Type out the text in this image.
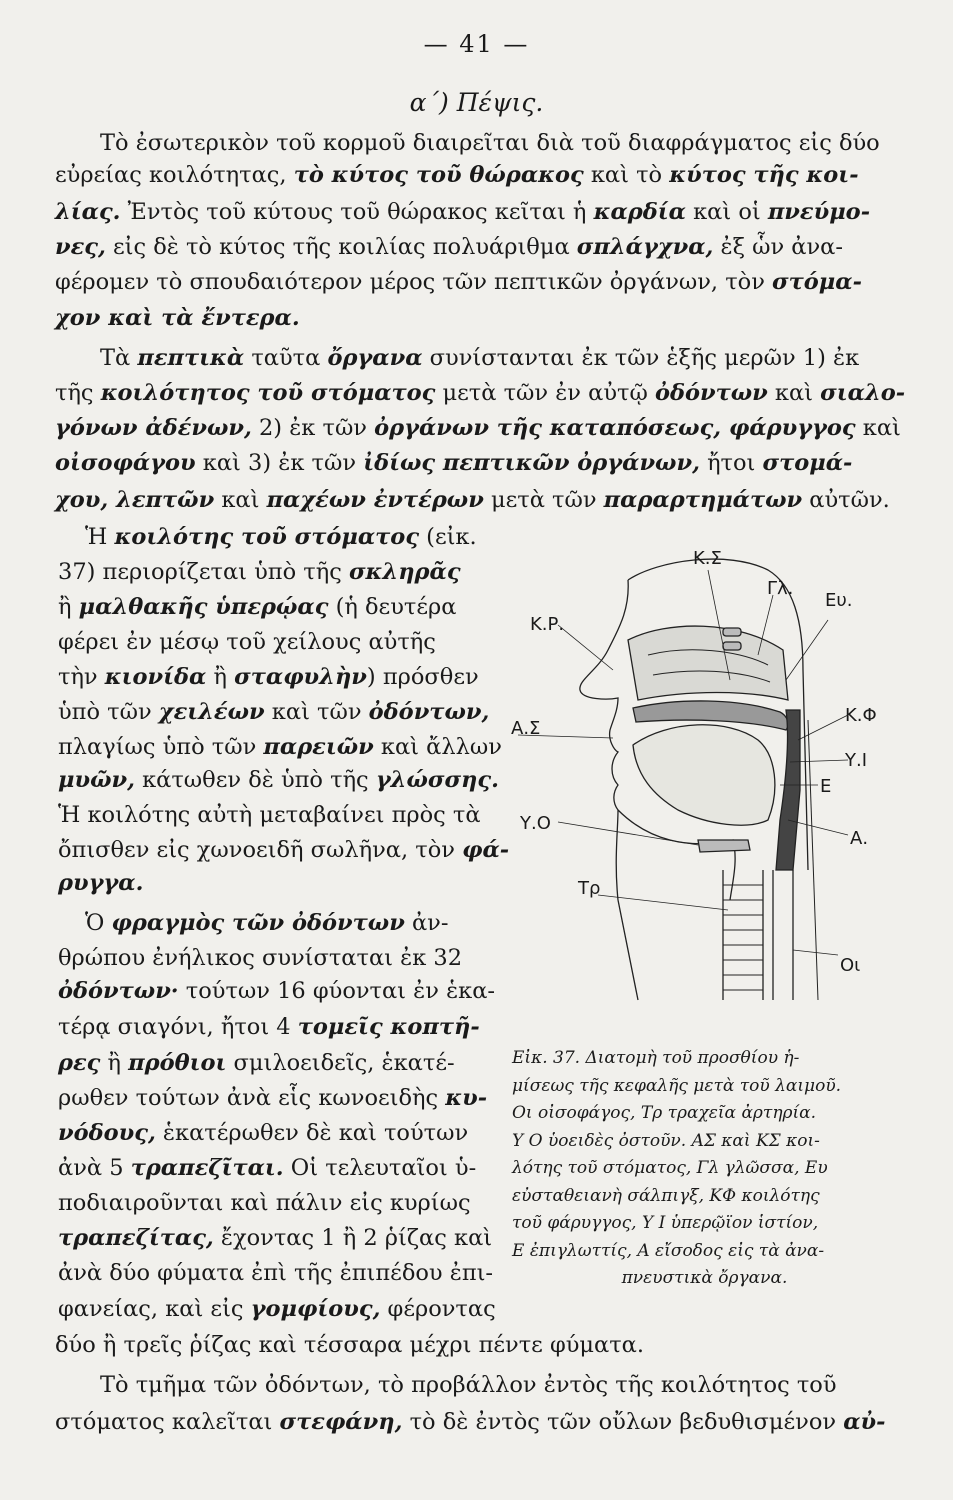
— 41 —
α΄) Πέψις.
Τὸ ἐσωτερικὸν τοῦ κορμοῦ διαιρεῖται διὰ τοῦ διαφράγματος εἰς δύο
εὐρείας κοιλότητας, τὸ κύτος τοῦ θώρακος καὶ τὸ κύτος τῆς κοι-
λίας. Ἐντὸς τοῦ κύτους τοῦ θώρακος κεῖται ἡ καρδία καὶ οἱ πνεύμο-
νες, εἰς δὲ τὸ κύτος τῆς κοιλίας πολυάριθμα σπλάγχνα, ἐξ ὧν ἀνα-
φέρομεν τὸ σπουδαιότερον μέρος τῶν πεπτικῶν ὀργάνων, τὸν στόμα-
χον καὶ τὰ ἔντερα.
Τὰ πεπτικὰ ταῦτα ὄργανα συνίστανται ἐκ τῶν ἑξῆς μερῶν 1) ἐκ
τῆς κοιλότητος τοῦ στόματος μετὰ τῶν ἐν αὐτῷ ὀδόντων καὶ σιαλο-
γόνων ἀδένων, 2) ἐκ τῶν ὀργάνων τῆς καταπόσεως, φάρυγγος καὶ
οἰσοφάγου καὶ 3) ἐκ τῶν ἰδίως πεπτικῶν ὀργάνων, ἤτοι στομά-
χου, λεπτῶν καὶ παχέων ἐντέρων μετὰ τῶν παραρτημάτων αὐτῶν.
Ἡ κοιλότης τοῦ στόματος (εἰκ.
37) περιορίζεται ὑπὸ τῆς σκληρᾶς
ἢ μαλθακῆς ὑπερῴας (ἡ δευτέρα
φέρει ἐν μέσῳ τοῦ χείλους αὐτῆς
τὴν κιονίδα ἢ σταφυλὴν) πρόσθεν
ὑπὸ τῶν χειλέων καὶ τῶν ὀδόντων,
πλαγίως ὑπὸ τῶν παρειῶν καὶ ἄλλων
μυῶν, κάτωθεν δὲ ὑπὸ τῆς γλώσσης.
Ἡ κοιλότης αὐτὴ μεταβαίνει πρὸς τὰ
ὄπισθεν εἰς χωνοειδῆ σωλῆνα, τὸν φά-
ρυγγα.
Ὁ φραγμὸς τῶν ὀδόντων ἀν-
θρώπου ἐνήλικος συνίσταται ἐκ 32
ὀδόντων· τούτων 16 φύονται ἐν ἑκα-
τέρᾳ σιαγόνι, ἤτοι 4 τομεῖς κοπτῆ-
ρες ἢ πρόθιοι σμιλοειδεῖς, ἑκατέ-
ρωθεν τούτων ἀνὰ εἷς κωνοειδὴς κυ-
νόδους, ἑκατέρωθεν δὲ καὶ τούτων
ἀνὰ 5 τραπεζῖται. Οἱ τελευταῖοι ὑ-
ποδιαιροῦνται καὶ πάλιν εἰς κυρίως
τραπεζίτας, ἔχοντας 1 ἢ 2 ῥίζας καὶ
ἀνὰ δύο φύματα ἐπὶ τῆς ἐπιπέδου ἐπι-
φανείας, καὶ εἰς γομφίους, φέροντας
δύο ἢ τρεῖς ῥίζας καὶ τέσσαρα μέχρι πέντε φύματα.
Τὸ τμῆμα τῶν ὀδόντων, τὸ προβάλλον ἐντὸς τῆς κοιλότητος τοῦ
στόματος καλεῖται στεφάνη, τὸ δὲ ἐντὸς τῶν οὔλων βεδυθισμένον αὐ-
Κ.Σ
Γλ.
Ευ.
Κ.Ρ.
Κ.Φ
Α.Σ
Υ.Ι
Ε
Υ.Ο
Α.
Τρ
Οι
Εἰκ. 37. Διατομὴ τοῦ προσθίου ἡ-
μίσεως τῆς κεφαλῆς μετὰ τοῦ λαιμοῦ.
Οι οἰσοφάγος, Τρ τραχεῖα ἀρτηρία.
Υ Ο ὑοειδὲς ὀστοῦν. ΑΣ καὶ ΚΣ κοι-
λότης τοῦ στόματος, Γλ γλῶσσα, Ευ
εὐσταθειανὴ σάλπιγξ, ΚΦ κοιλότης
τοῦ φάρυγγος, Υ Ι ὑπερῷϊον ἱστίον,
Ε ἐπιγλωττίς, Α εἴσοδος εἰς τὰ ἀνα-
πνευστικὰ ὄργανα.
